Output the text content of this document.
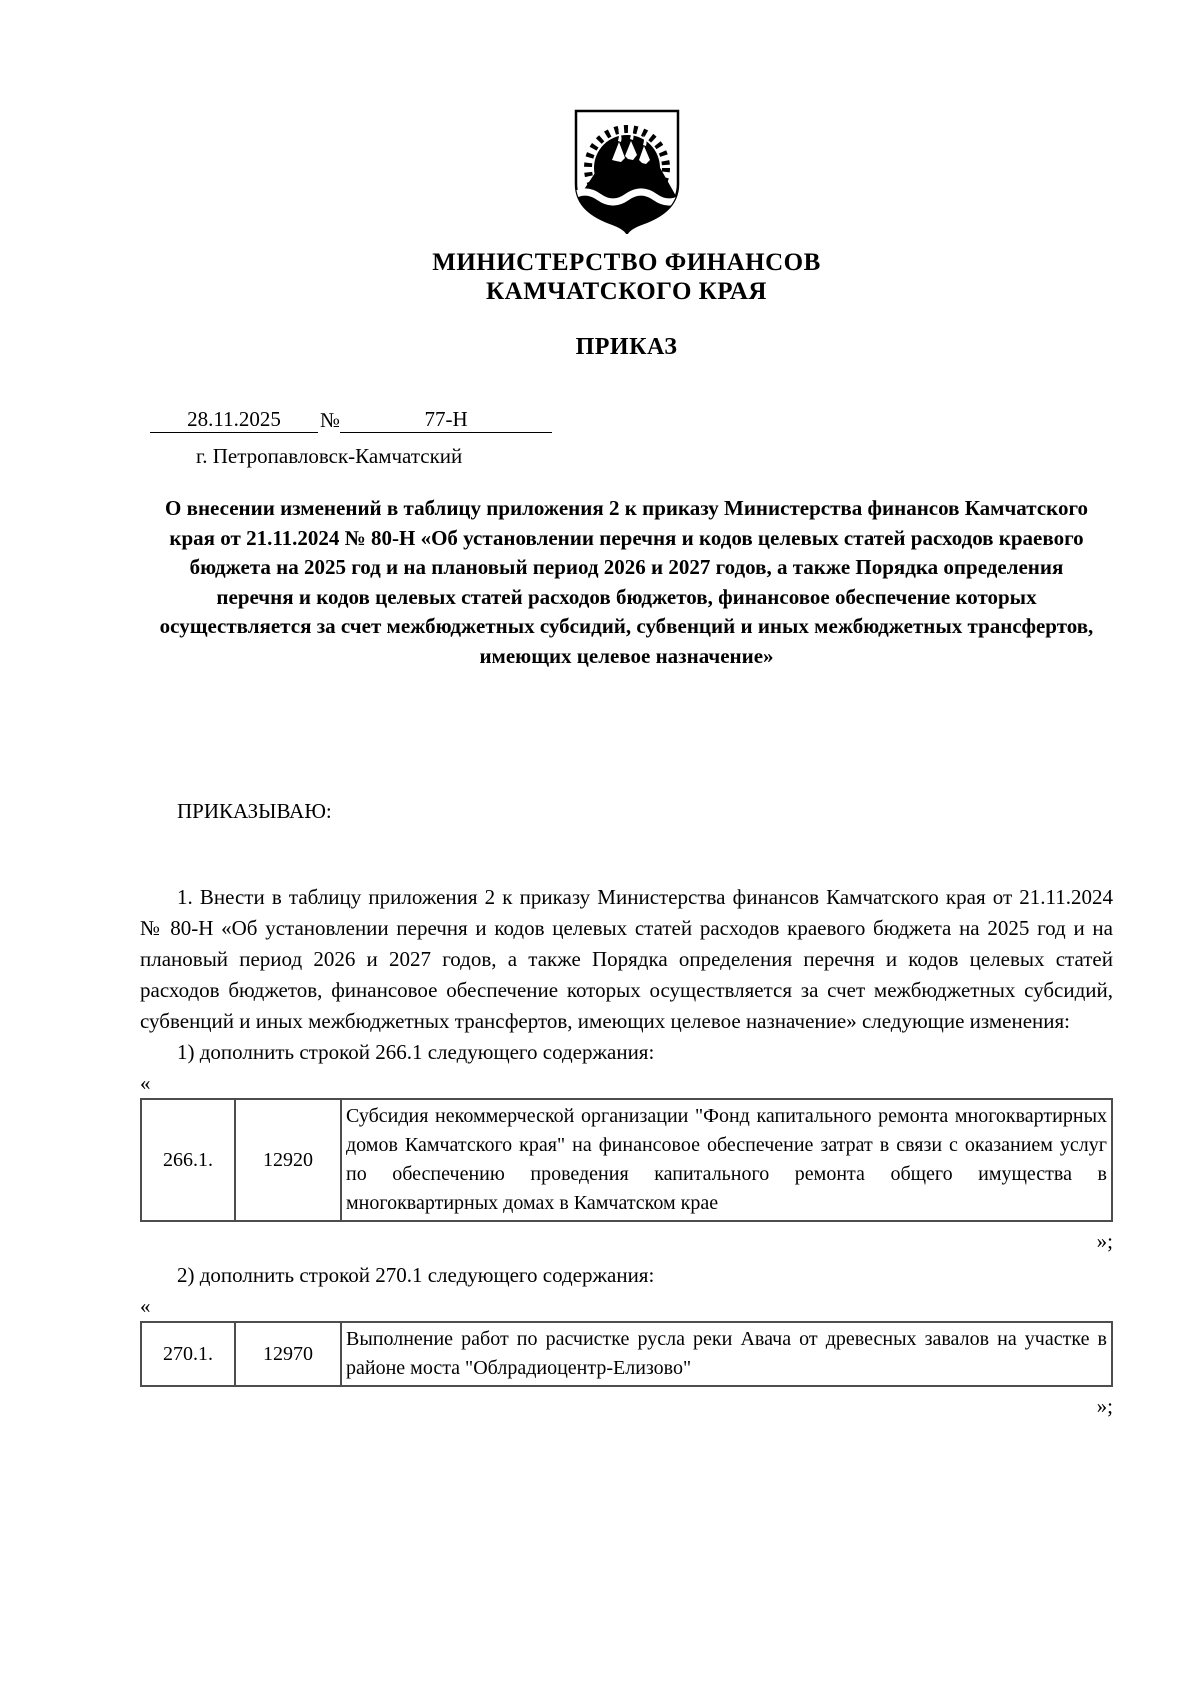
МИНИСТЕРСТВО ФИНАНСОВ
КАМЧАТСКОГО КРАЯ
ПРИКАЗ
28.11.2025	№	77-Н
г. Петропавловск-Камчатский
О внесении изменений в таблицу приложения 2 к приказу Министерства финансов Камчатского края от 21.11.2024 № 80-Н «Об установлении перечня и кодов целевых статей расходов краевого бюджета на 2025 год и на плановый период 2026 и 2027 годов, а также Порядка определения перечня и кодов целевых статей расходов бюджетов, финансовое обеспечение которых осуществляется за счет межбюджетных субсидий, субвенций и иных межбюджетных трансфертов, имеющих целевое назначение»
ПРИКАЗЫВАЮ:
1. Внести в таблицу приложения 2 к приказу Министерства финансов Камчатского края от 21.11.2024 № 80-Н «Об установлении перечня и кодов целевых статей расходов краевого бюджета на 2025 год и на плановый период 2026 и 2027 годов, а также Порядка определения перечня и кодов целевых статей расходов бюджетов, финансовое обеспечение которых осуществляется за счет межбюджетных субсидий, субвенций и иных межбюджетных трансфертов, имеющих целевое назначение» следующие изменения:
1) дополнить строкой 266.1 следующего содержания:
«
266.1.	12920	Субсидия некоммерческой организации "Фонд капитального ремонта многоквартирных домов Камчатского края" на финансовое обеспечение затрат в связи с оказанием услуг по обеспечению проведения капитального ремонта общего имущества в многоквартирных домах в Камчатском крае
»;
2) дополнить строкой 270.1 следующего содержания:
«
270.1.	12970	Выполнение работ по расчистке русла реки Авача от древесных завалов на участке в районе моста "Облрадиоцентр-Елизово"
»;
